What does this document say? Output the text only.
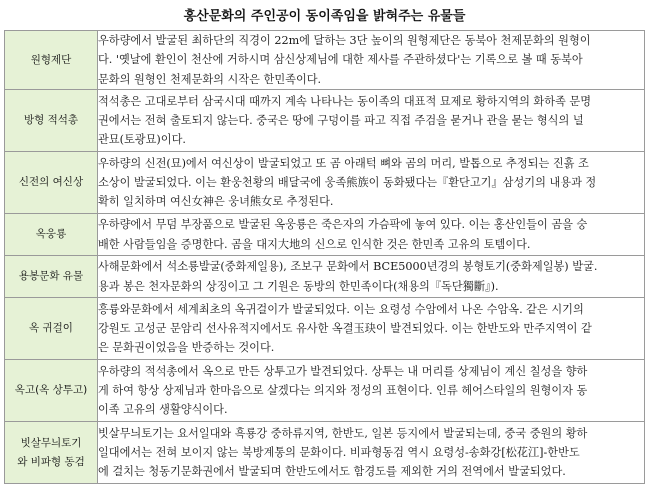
홍산문화의 주인공이 동이족임을 밝혀주는 유물들
원형제단	우하량에서 발굴된 최하단의 직경이 22m에 달하는 3단 높이의 원형제단은 동북아 천제문화의 원형이
다. '옛날에 환인이 천산에 거하시며 삼신상제님에 대한 제사를 주관하셨다'는 기록으로 볼 때 동북아
문화의 원형인 천제문화의 시작은 한민족이다.

방형 적석총	적석총은 고대로부터 삼국시대 때까지 계속 나타나는 동이족의 대표적 묘제로 황하지역의 화하족 문명
권에서는 전혀 출토되지 않는다. 중국은 땅에 구덩이를 파고 직접 주검을 묻거나 관을 묻는 형식의 널
관묘(토광묘)이다.

신전의 여신상	우하량의 신전(묘)에서 여신상이 발굴되었고 또 곰 아래턱 뼈와 곰의 머리, 발톱으로 추정되는 진흙 조
소상이 발굴되었다. 이는 환웅천황의 배달국에 웅족熊族이 동화됐다는『환단고기』삼성기의 내용과 정
확히 일치하며 여신女神은 웅녀熊女로 추정된다.

옥웅룡	우하량에서 무덤 부장품으로 발굴된 옥웅룡은 죽은자의 가슴팍에 놓여 있다. 이는 홍산인들이 곰을 숭
배한 사람들임을 증명한다. 곰을 대지大地의 신으로 인식한 것은 한민족 고유의 토템이다.

용봉문화 유물	사해문화에서 석소룡발굴(중화제일용), 조보구 문화에서 BCE5000년경의 봉형토기(중화제일봉) 발굴.
용과 봉은 천자문화의 상징이고 그 기원은 동방의 한민족이다(채용의『독단獨斷』).

옥 귀걸이	흥륭와문화에서 세계최초의 옥귀걸이가 발굴되었다. 이는 요령성 수암에서 나온 수암옥. 같은 시기의
강원도 고성군 문암리 선사유적지에서도 유사한 옥결玉玦이 발견되었다. 이는 한반도와 만주지역이 같
은 문화권이었음을 반증하는 것이다.

옥고(옥 상투고)	우하량의 적석총에서 옥으로 만든 상투고가 발견되었다. 상투는 내 머리를 상제님이 계신 칠성을 향하
게 하여 항상 상제님과 한마음으로 살겠다는 의지와 정성의 표현이다. 인류 헤어스타일의 원형이자 동
이족 고유의 생활양식이다.

빗살무늬토기
와 비파형 동검	빗살무늬토기는 요서일대와 흑룡강 중하류지역, 한반도, 일본 등지에서 발굴되는데, 중국 중원의 황하
일대에서는 전혀 보이지 않는 북방계통의 문화이다. 비파형동검 역시 요령성-송화강[松花江]-한반도
에 걸치는 청동기문화권에서 발굴되며 한반도에서도 함경도를 제외한 거의 전역에서 발굴되었다.
